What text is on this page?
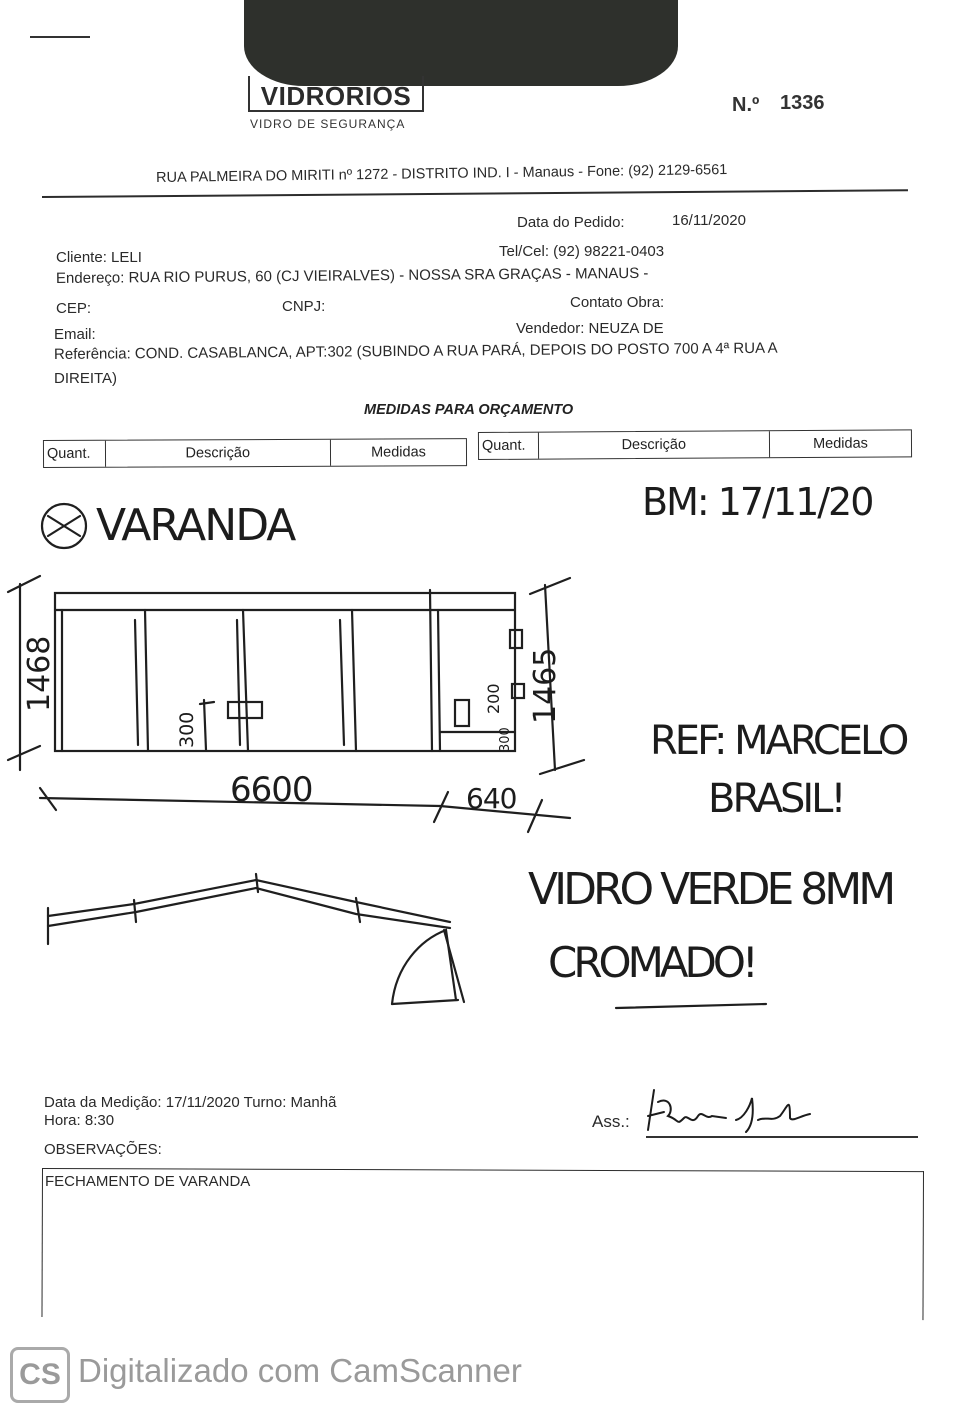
VIDRORIOS
VIDRO DE SEGURANÇA
N.º 1336
RUA PALMEIRA DO MIRITI nº 1272 - DISTRITO IND. I - Manaus - Fone: (92) 2129-6561
Data do Pedido:	16/11/2020
Cliente: LELI	Tel/Cel: (92) 98221-0403
Endereço: RUA RIO PURUS, 60 (CJ VIEIRALVES) - NOSSA SRA GRAÇAS - MANAUS -
CEP:	CNPJ:	Contato Obra:
Email:	Vendedor: NEUZA DE
Referência: COND. CASABLANCA, APT:302 (SUBINDO A RUA PARÁ, DEPOIS DO POSTO 700 A 4ª RUA A
DIREITA)
MEDIDAS PARA ORÇAMENTO
Quant.	Descrição	Medidas	Quant.	Descrição	Medidas
VARANDA	BM: 17/11/20
1468	1465
300
200
300
6600	640
REF: MARCELO
BRASIL!
VIDRO VERDE 8MM
CROMADO!
Data da Medição: 17/11/2020 Turno: Manhã
Hora: 8:30
OBSERVAÇÕES:
Ass.:
FECHAMENTO DE VARANDA
CS Digitalizado com CamScanner
